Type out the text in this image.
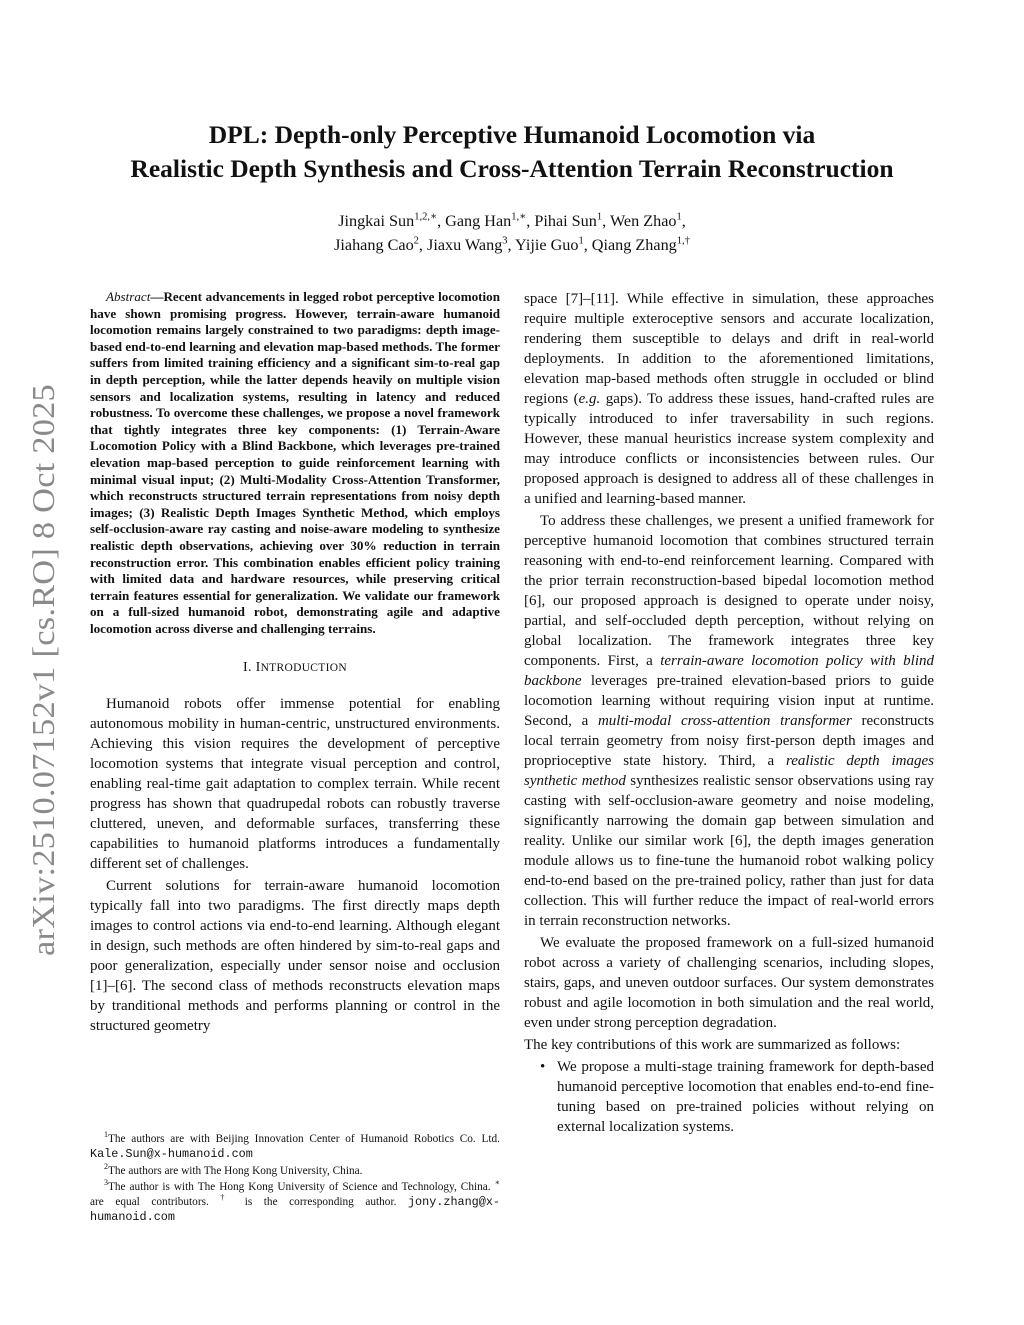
arXiv:2510.07152v1 [cs.RO] 8 Oct 2025
DPL: Depth-only Perceptive Humanoid Locomotion via
Realistic Depth Synthesis and Cross-Attention Terrain Reconstruction
Jingkai Sun$^{1,2,∗}$, Gang Han$^{1,∗}$, Pihai Sun$^1$, Wen Zhao$^1$,
Jiahang Cao$^2$, Jiaxu Wang$^3$, Yijie Guo$^1$, Qiang Zhang$^{1,\dagger}$

Abstract—Recent advancements in legged robot perceptive locomotion have shown promising progress. However, terrain-aware humanoid locomotion remains largely constrained to two paradigms: depth image-based end-to-end learning and elevation map-based methods. The former suffers from limited training efficiency and a significant sim-to-real gap in depth perception, while the latter depends heavily on multiple vision sensors and localization systems, resulting in latency and reduced robustness. To overcome these challenges, we propose a novel framework that tightly integrates three key components: (1) Terrain-Aware Locomotion Policy with a Blind Backbone, which leverages pre-trained elevation map-based perception to guide reinforcement learning with minimal visual input; (2) Multi-Modality Cross-Attention Transformer, which reconstructs structured terrain representations from noisy depth images; (3) Realistic Depth Images Synthetic Method, which employs self-occlusion-aware ray casting and noise-aware modeling to synthesize realistic depth observations, achieving over 30% reduction in terrain reconstruction error. This combination enables efficient policy training with limited data and hardware resources, while preserving critical terrain features essential for generalization. We validate our framework on a full-sized humanoid robot, demonstrating agile and adaptive locomotion across diverse and challenging terrains.

I. INTRODUCTION

Humanoid robots offer immense potential for enabling autonomous mobility in human-centric, unstructured environments. Achieving this vision requires the development of perceptive locomotion systems that integrate visual perception and control, enabling real-time gait adaptation to complex terrain. While recent progress has shown that quadrupedal robots can robustly traverse cluttered, uneven, and deformable surfaces, transferring these capabilities to humanoid platforms introduces a fundamentally different set of challenges.

Current solutions for terrain-aware humanoid locomotion typically fall into two paradigms. The first directly maps depth images to control actions via end-to-end learning. Although elegant in design, such methods are often hindered by sim-to-real gaps and poor generalization, especially under sensor noise and occlusion [1]–[6]. The second class of methods reconstructs elevation maps by tranditional methods and performs planning or control in the structured geometry

$^1$The authors are with Beijing Innovation Center of Humanoid Robotics Co. Ltd. Kale.Sun@x-humanoid.com

$^2$The authors are with The Hong Kong University, China.

$^3$The author is with The Hong Kong University of Science and Technology, China. ∗ are equal contributors. † is the corresponding author. jony.zhang@x-humanoid.com

space [7]–[11]. While effective in simulation, these approaches require multiple exteroceptive sensors and accurate localization, rendering them susceptible to delays and drift in real-world deployments. In addition to the aforementioned limitations, elevation map-based methods often struggle in occluded or blind regions (e.g. gaps). To address these issues, hand-crafted rules are typically introduced to infer traversability in such regions. However, these manual heuristics increase system complexity and may introduce conflicts or inconsistencies between rules. Our proposed approach is designed to address all of these challenges in a unified and learning-based manner.

To address these challenges, we present a unified framework for perceptive humanoid locomotion that combines structured terrain reasoning with end-to-end reinforcement learning. Compared with the prior terrain reconstruction-based bipedal locomotion method [6], our proposed approach is designed to operate under noisy, partial, and self-occluded depth perception, without relying on global localization. The framework integrates three key components. First, a terrain-aware locomotion policy with blind backbone leverages pre-trained elevation-based priors to guide locomotion learning without requiring vision input at runtime. Second, a multi-modal cross-attention transformer reconstructs local terrain geometry from noisy first-person depth images and proprioceptive state history. Third, a realistic depth images synthetic method synthesizes realistic sensor observations using ray casting with self-occlusion-aware geometry and noise modeling, significantly narrowing the domain gap between simulation and reality. Unlike our similar work [6], the depth images generation module allows us to fine-tune the humanoid robot walking policy end-to-end based on the pre-trained policy, rather than just for data collection. This will further reduce the impact of real-world errors in terrain reconstruction networks.

We evaluate the proposed framework on a full-sized humanoid robot across a variety of challenging scenarios, including slopes, stairs, gaps, and uneven outdoor surfaces. Our system demonstrates robust and agile locomotion in both simulation and the real world, even under strong perception degradation.

The key contributions of this work are summarized as follows:

• We propose a multi-stage training framework for depth-based humanoid perceptive locomotion that enables end-to-end fine-tuning based on pre-trained policies without relying on external localization systems.
